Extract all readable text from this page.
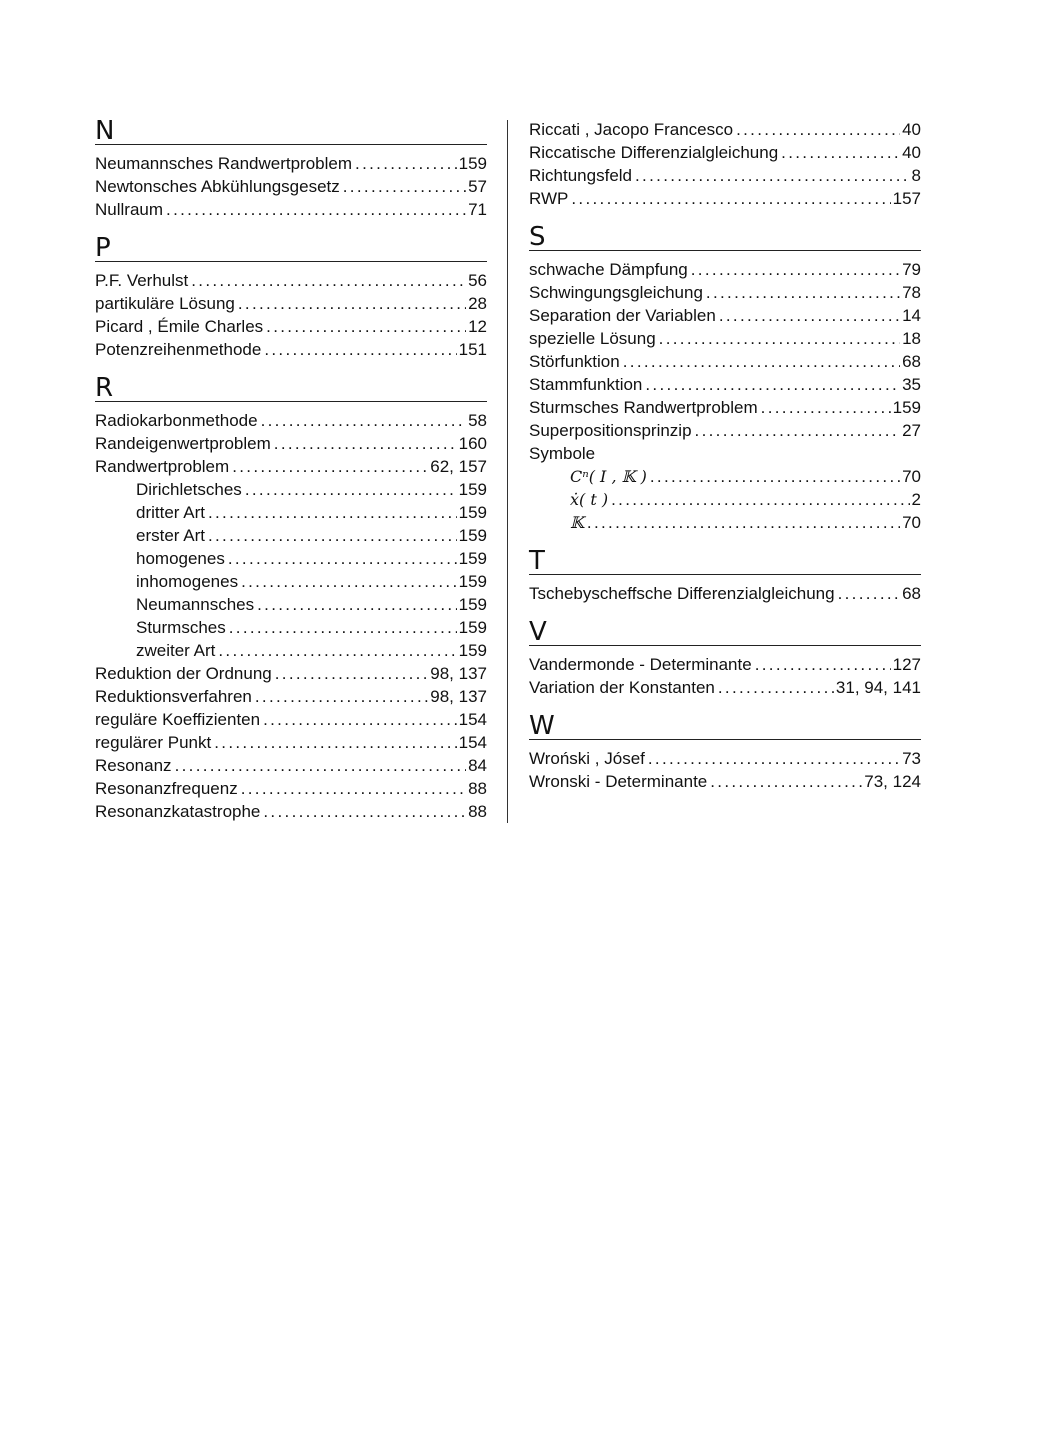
N
Neumannsches Randwertproblem . . .	159
Newtonsches Abkühlungsgesetz . . .	57
Nullraum . . .	71
P
P.F. Verhulst . . .	56
partikuläre Lösung . . .	28
Picard , Émile Charles . . .	12
Potenzreihenmethode . . .	151
R
Radiokarbonmethode . . .	58
Randeigenwertproblem . . .	160
Randwertproblem . . .	62, 157
Dirichletsches . . .	159
dritter Art . . .	159
erster Art . . .	159
homogenes . . .	159
inhomogenes . . .	159
Neumannsches . . .	159
Sturmsches . . .	159
zweiter Art . . .	159
Reduktion der Ordnung . . .	98, 137
Reduktionsverfahren . . .	98, 137
reguläre Koeffizienten . . .	154
regulärer Punkt . . .	154
Resonanz . . .	84
Resonanzfrequenz . . .	88
Resonanzkatastrophe . . .	88
Riccati , Jacopo Francesco . . .	40
Riccatische Differenzialgleichung . . .	40
Richtungsfeld . . .	8
RWP . . .	157
S
schwache Dämpfung . . .	79
Schwingungsgleichung . . .	78
Separation der Variablen . . .	14
spezielle Lösung . . .	18
Störfunktion . . .	68
Stammfunktion . . .	35
Sturmsches Randwertproblem . . .	159
Superpositionsprinzip . . .	27
Symbole
Cⁿ( I , 𝕂 ) . . .	70
ẋ( t ) . . .	2
𝕂 . . .	70
T
Tschebyscheffsche Differenzialgleichung . . .	68
V
Vandermonde - Determinante . . .	127
Variation der Konstanten . . .	31, 94, 141
W
Wroński , Jósef . . .	73
Wronski - Determinante . . .	73, 124
